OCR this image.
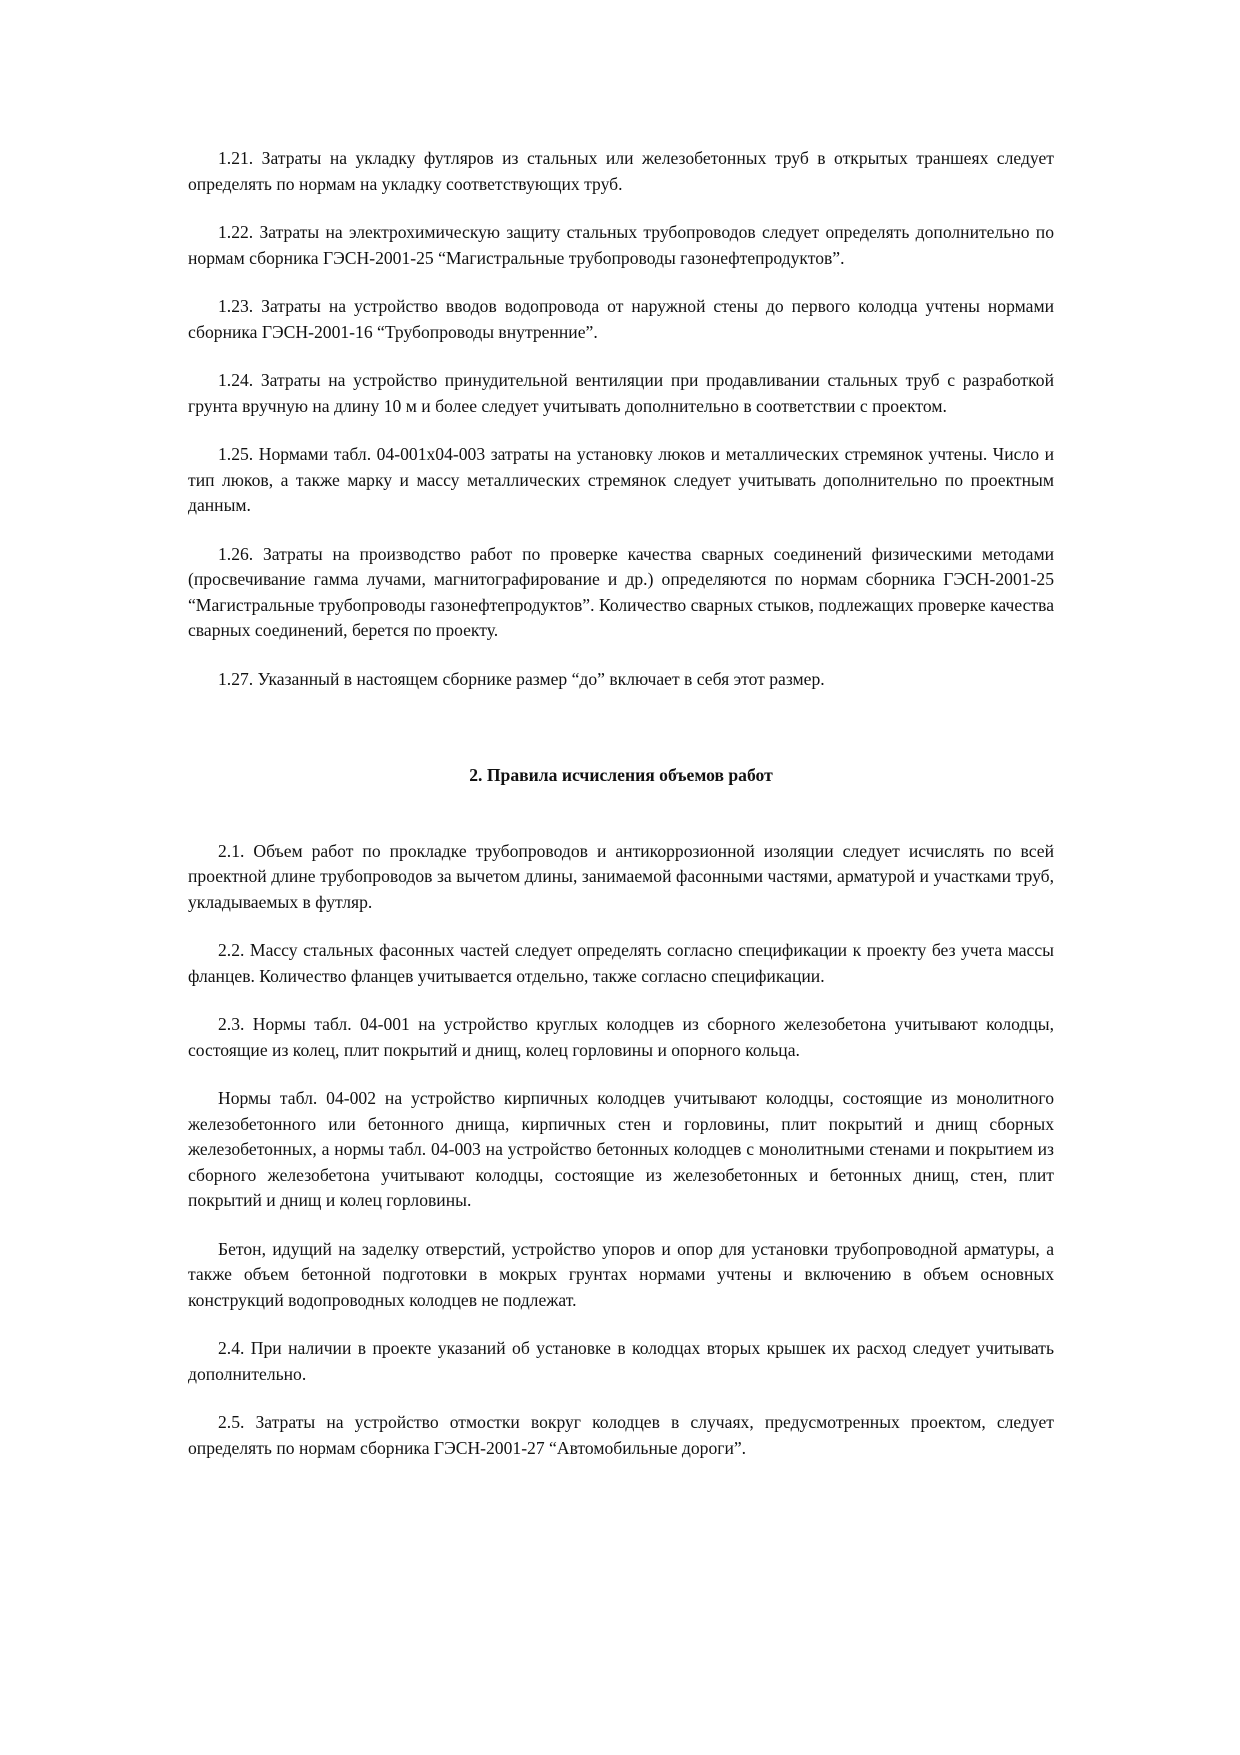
1.21. Затраты на укладку футляров из стальных или железобетонных труб в открытых траншеях следует определять по нормам на укладку соответствующих труб.

1.22. Затраты на электрохимическую защиту стальных трубопроводов следует определять дополнительно по нормам сборника ГЭСН-2001-25 “Магистральные трубопроводы газонефтепродуктов”.

1.23. Затраты на устройство вводов водопровода от наружной стены до первого колодца учтены нормами сборника ГЭСН-2001-16 “Трубопроводы внутренние”.

1.24. Затраты на устройство принудительной вентиляции при продавливании стальных труб с разработкой грунта вручную на длину 10 м и более следует учитывать дополнительно в соответствии с проектом.

1.25. Нормами табл. 04-001х04-003 затраты на установку люков и металлических стремянок учтены. Число и тип люков, а также марку и массу металлических стремянок следует учитывать дополнительно по проектным данным.

1.26. Затраты на производство работ по проверке качества сварных соединений физическими методами (просвечивание гамма лучами, магнитографирование и др.) определяются по нормам сборника ГЭСН-2001-25 “Магистральные трубопроводы газонефтепродуктов”. Количество сварных стыков, подлежащих проверке качества сварных соединений, берется по проекту.

1.27. Указанный в настоящем сборнике размер “до” включает в себя этот размер.

2. Правила исчисления объемов работ

2.1. Объем работ по прокладке трубопроводов и антикоррозионной изоляции следует исчислять по всей проектной длине трубопроводов за вычетом длины, занимаемой фасонными частями, арматурой и участками труб, укладываемых в футляр.

2.2. Массу стальных фасонных частей следует определять согласно спецификации к проекту без учета массы фланцев. Количество фланцев учитывается отдельно, также согласно спецификации.

2.3. Нормы табл. 04-001 на устройство круглых колодцев из сборного железобетона учитывают колодцы, состоящие из колец, плит покрытий и днищ, колец горловины и опорного кольца.

Нормы табл. 04-002 на устройство кирпичных колодцев учитывают колодцы, состоящие из монолитного железобетонного или бетонного днища, кирпичных стен и горловины, плит покрытий и днищ сборных железобетонных, а нормы табл. 04-003 на устройство бетонных колодцев с монолитными стенами и покрытием из сборного железобетона учитывают колодцы, состоящие из железобетонных и бетонных днищ, стен, плит покрытий и днищ и колец горловины.

Бетон, идущий на заделку отверстий, устройство упоров и опор для установки трубопроводной арматуры, а также объем бетонной подготовки в мокрых грунтах нормами учтены и включению в объем основных конструкций водопроводных колодцев не подлежат.

2.4. При наличии в проекте указаний об установке в колодцах вторых крышек их расход следует учитывать дополнительно.

2.5. Затраты на устройство отмостки вокруг колодцев в случаях, предусмотренных проектом, следует определять по нормам сборника ГЭСН-2001-27 “Автомобильные дороги”.
